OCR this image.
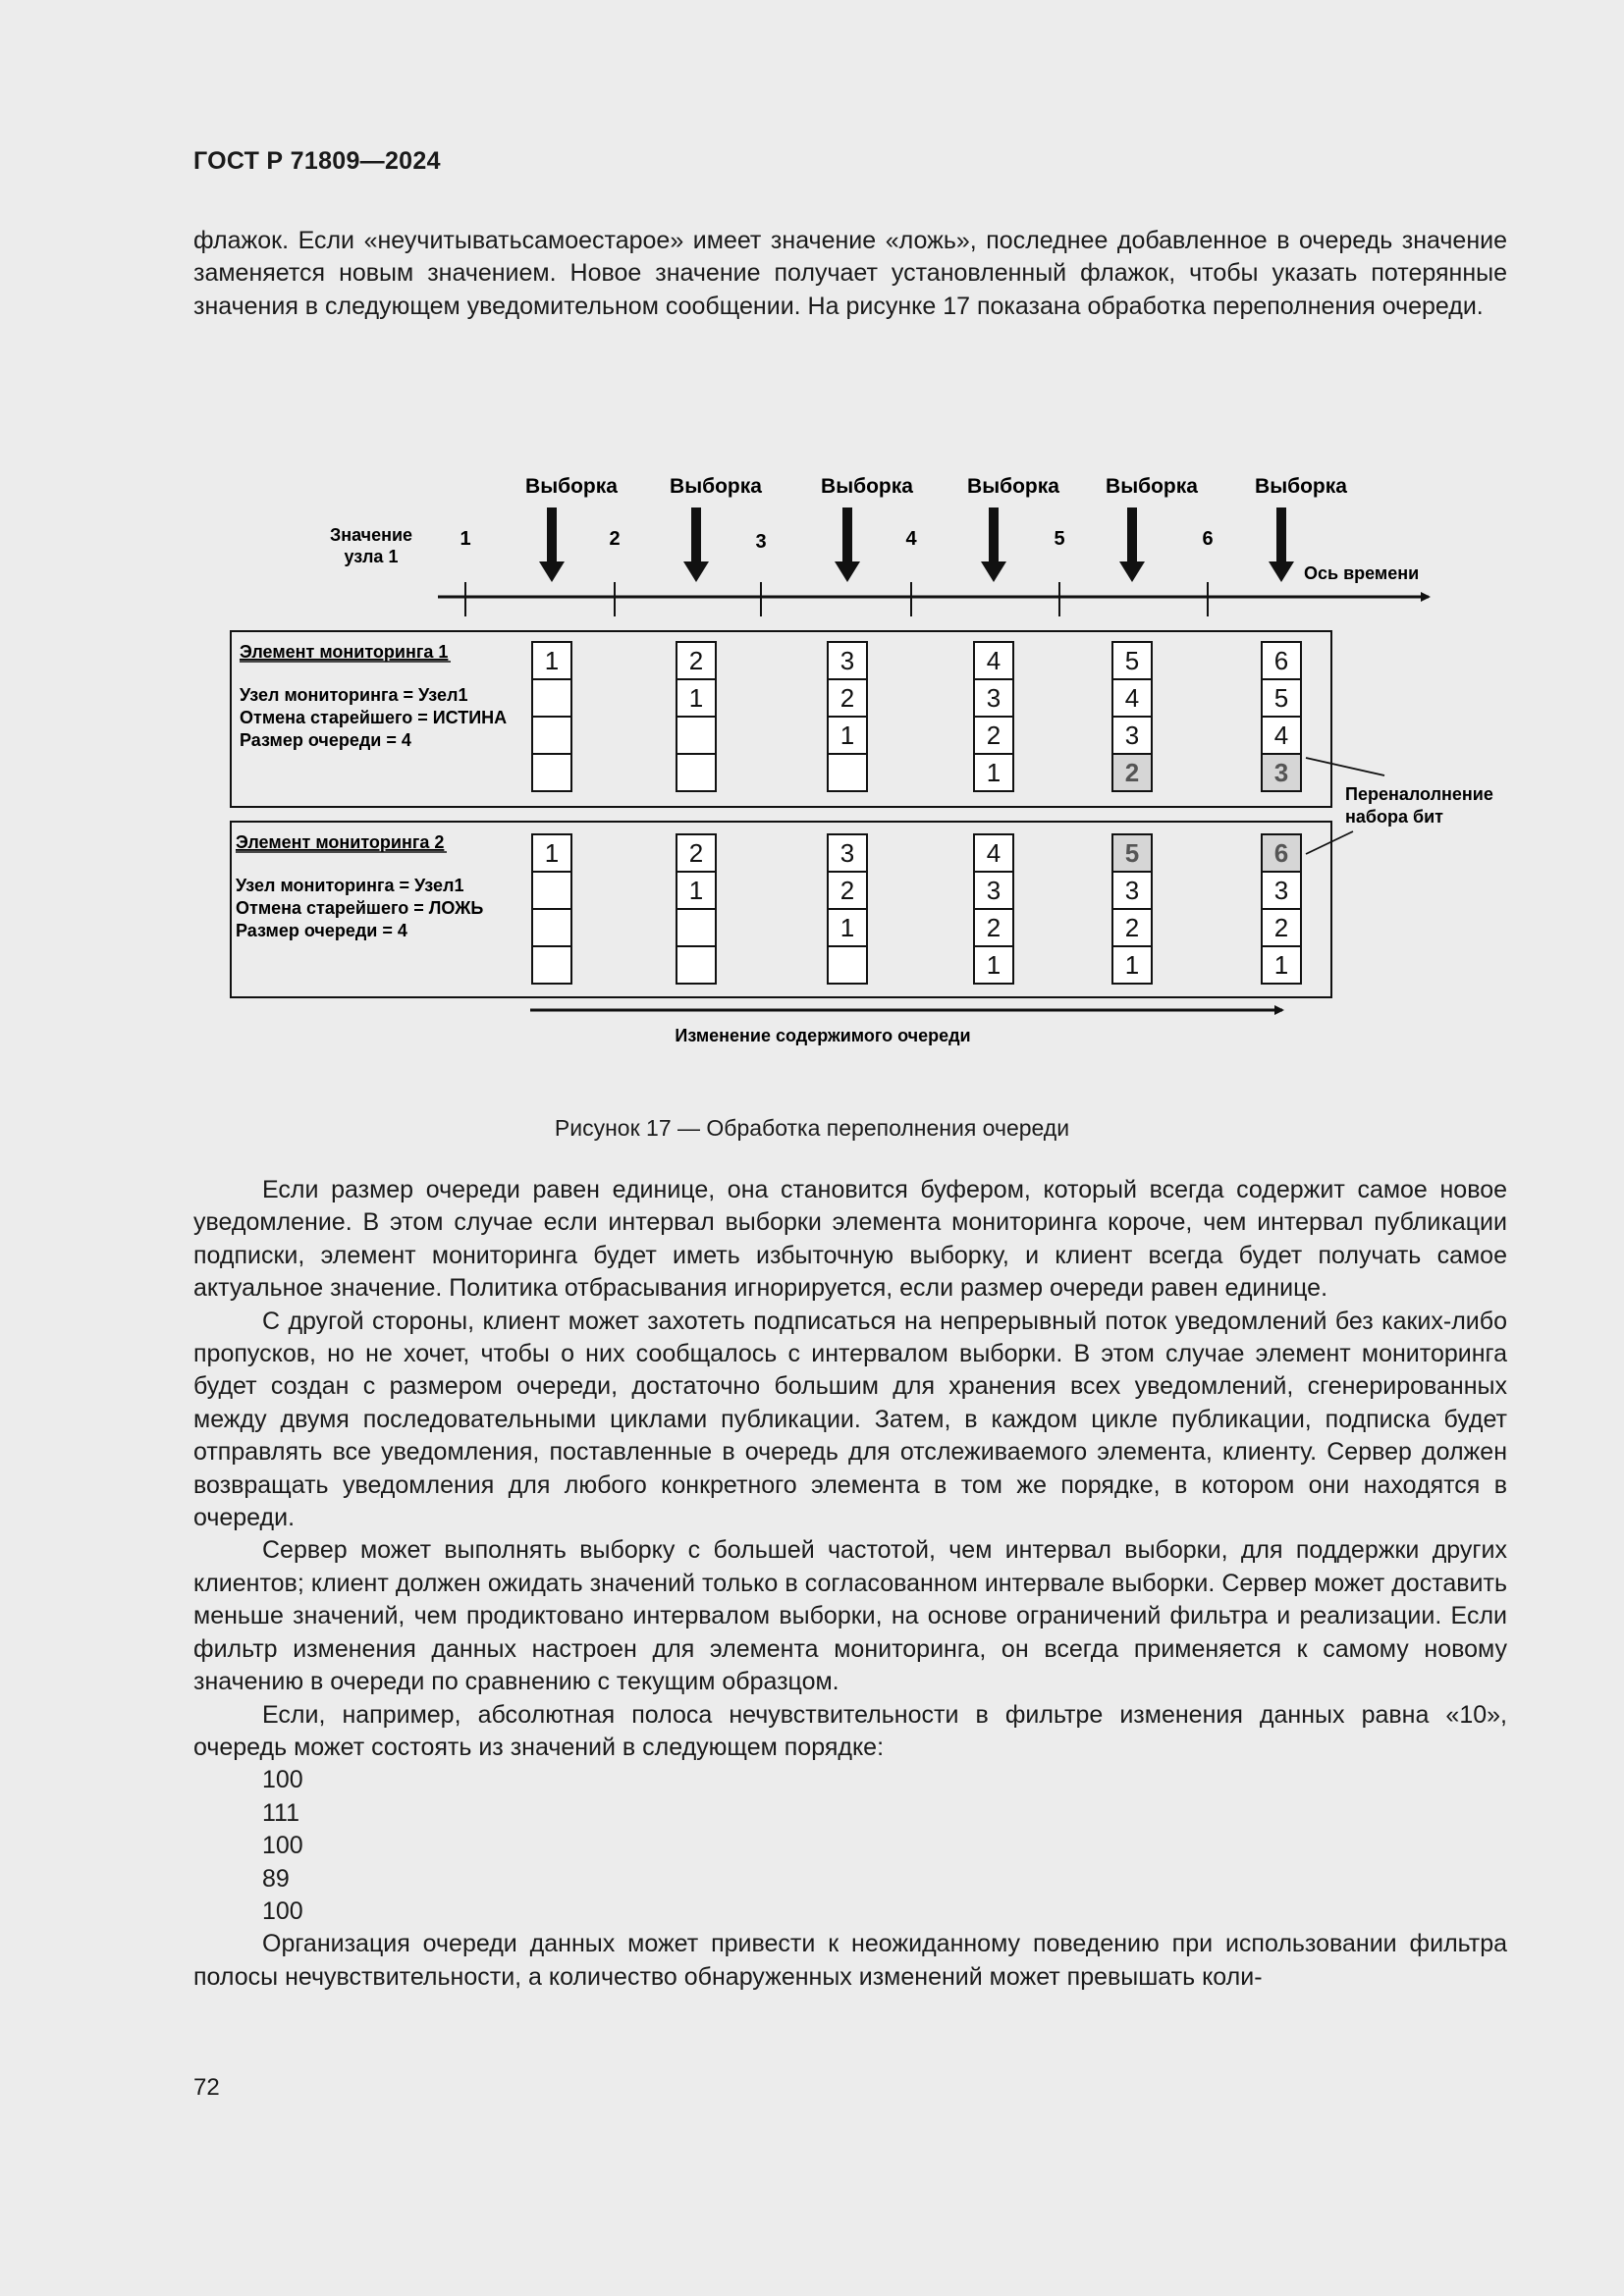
ГОСТ Р 71809—2024

флажок. Если «неучитыватьсамоестарое» имеет значение «ложь», последнее добавленное в очередь значение заменяется новым значением. Новое значение получает установленный флажок, чтобы указать потерянные значения в следующем уведомительном сообщении. На рисунке 17 показана обработка переполнения очереди.

Выборка	Выборка	Выборка	Выборка Выборка	Выборка
Значение
узла 1
1	2	3	4	5	6
Ось времени
Элемент мониторинга 1
Узел мониторинга = Узел1
Отмена старейшего = ИСТИНА
Размер очереди = 4
1	2
1
3
2
1
4
3
2
1
5
4
3
2
6
5
4
3
Элемент мониторинга 2
Узел мониторинга = Узел1
Отмена старейшего = ЛОЖЬ
Размер очереди = 4
1	2
1
3
2
1
4
3
2
1
5
3
2
1
6
3
2
1
Переналолнение
набора бит
Изменение содержимого очереди
Рисунок 17 — Обработка переполнения очереди

Если размер очереди равен единице, она становится буфером, который всегда содержит самое новое уведомление. В этом случае если интервал выборки элемента мониторинга короче, чем интервал публикации подписки, элемент мониторинга будет иметь избыточную выборку, и клиент всегда будет получать самое актуальное значение. Политика отбрасывания игнорируется, если размер очереди равен единице.

С другой стороны, клиент может захотеть подписаться на непрерывный поток уведомлений без каких-либо пропусков, но не хочет, чтобы о них сообщалось с интервалом выборки. В этом случае элемент мониторинга будет создан с размером очереди, достаточно большим для хранения всех уведомлений, сгенерированных между двумя последовательными циклами публикации. Затем, в каждом цикле публикации, подписка будет отправлять все уведомления, поставленные в очередь для отслеживаемого элемента, клиенту. Сервер должен возвращать уведомления для любого конкретного элемента в том же порядке, в котором они находятся в очереди.

Сервер может выполнять выборку с большей частотой, чем интервал выборки, для поддержки других клиентов; клиент должен ожидать значений только в согласованном интервале выборки. Сервер может доставить меньше значений, чем продиктовано интервалом выборки, на основе ограничений фильтра и реализации. Если фильтр изменения данных настроен для элемента мониторинга, он всегда применяется к самому новому значению в очереди по сравнению с текущим образцом.

Если, например, абсолютная полоса нечувствительности в фильтре изменения данных равна «10», очередь может состоять из значений в следующем порядке:

100

111

100

89

100

Организация очереди данных может привести к неожиданному поведению при использовании фильтра полосы нечувствительности, а количество обнаруженных изменений может превышать коли-

72
